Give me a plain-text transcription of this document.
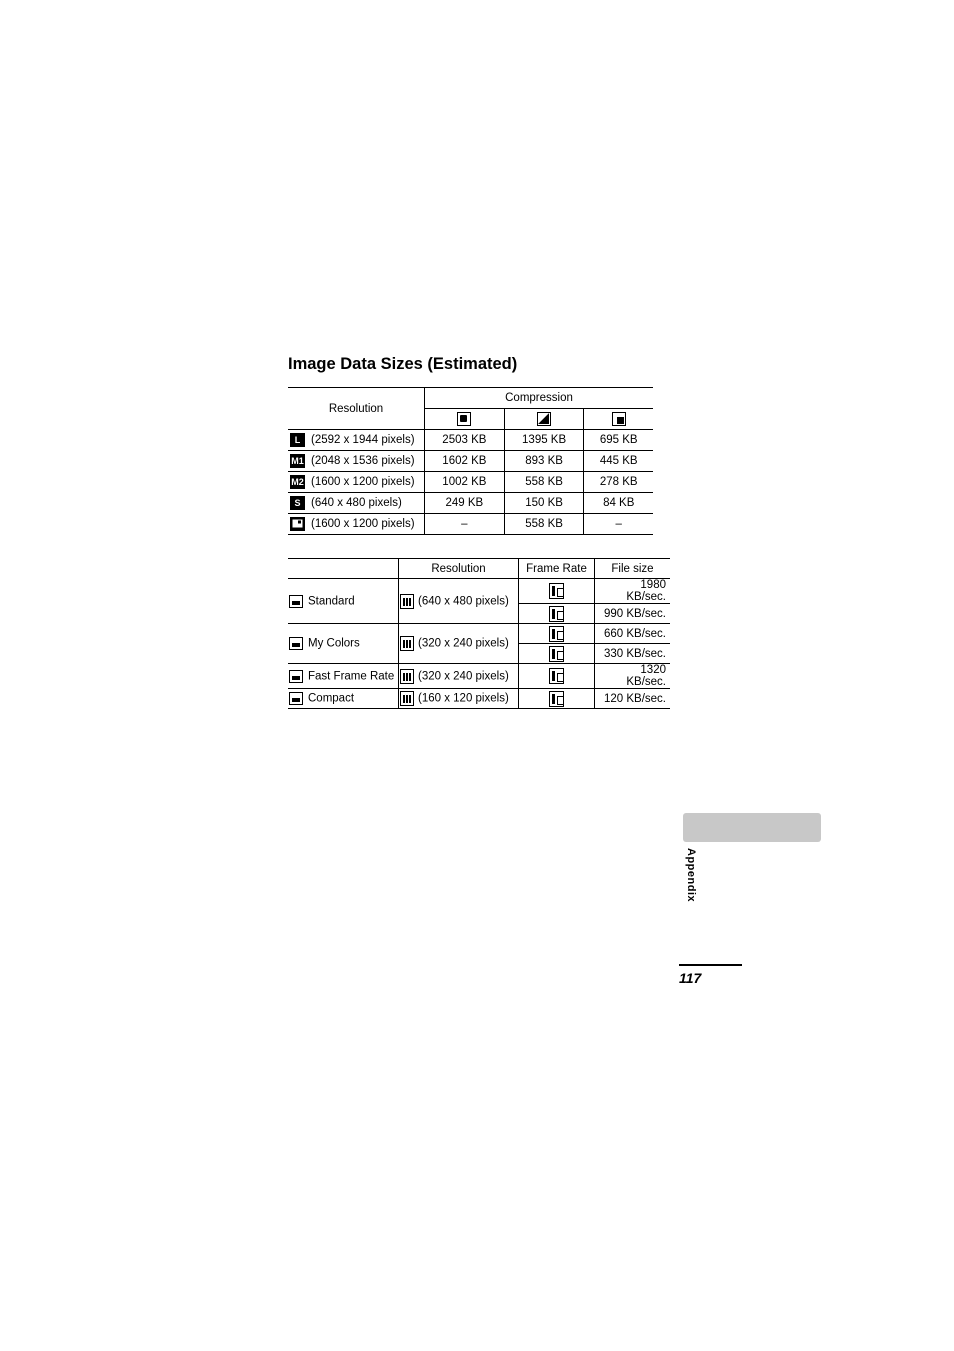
Image Data Sizes (Estimated)
Resolution	Compression		

L (2592 x 1944 pixels)	2503 KB	1395 KB	695 KB
M1 (2048 x 1536 pixels)	1602 KB	893 KB	445 KB
M2 (1600 x 1200 pixels)	1002 KB	558 KB	278 KB
S (640 x 480 pixels)	249 KB	150 KB	84 KB

(1600 x 1200 pixels)	–	558 KB	–
	Resolution	Frame Rate	File size
Standard	(640 x 480 pixels)		1980 KB/sec.
			990 KB/sec.
My Colors	(320 x 240 pixels)		660 KB/sec.
			330 KB/sec.
Fast Frame Rate	(320 x 240 pixels)		1320 KB/sec.
Compact	(160 x 120 pixels)		120 KB/sec.
Appendix
117
